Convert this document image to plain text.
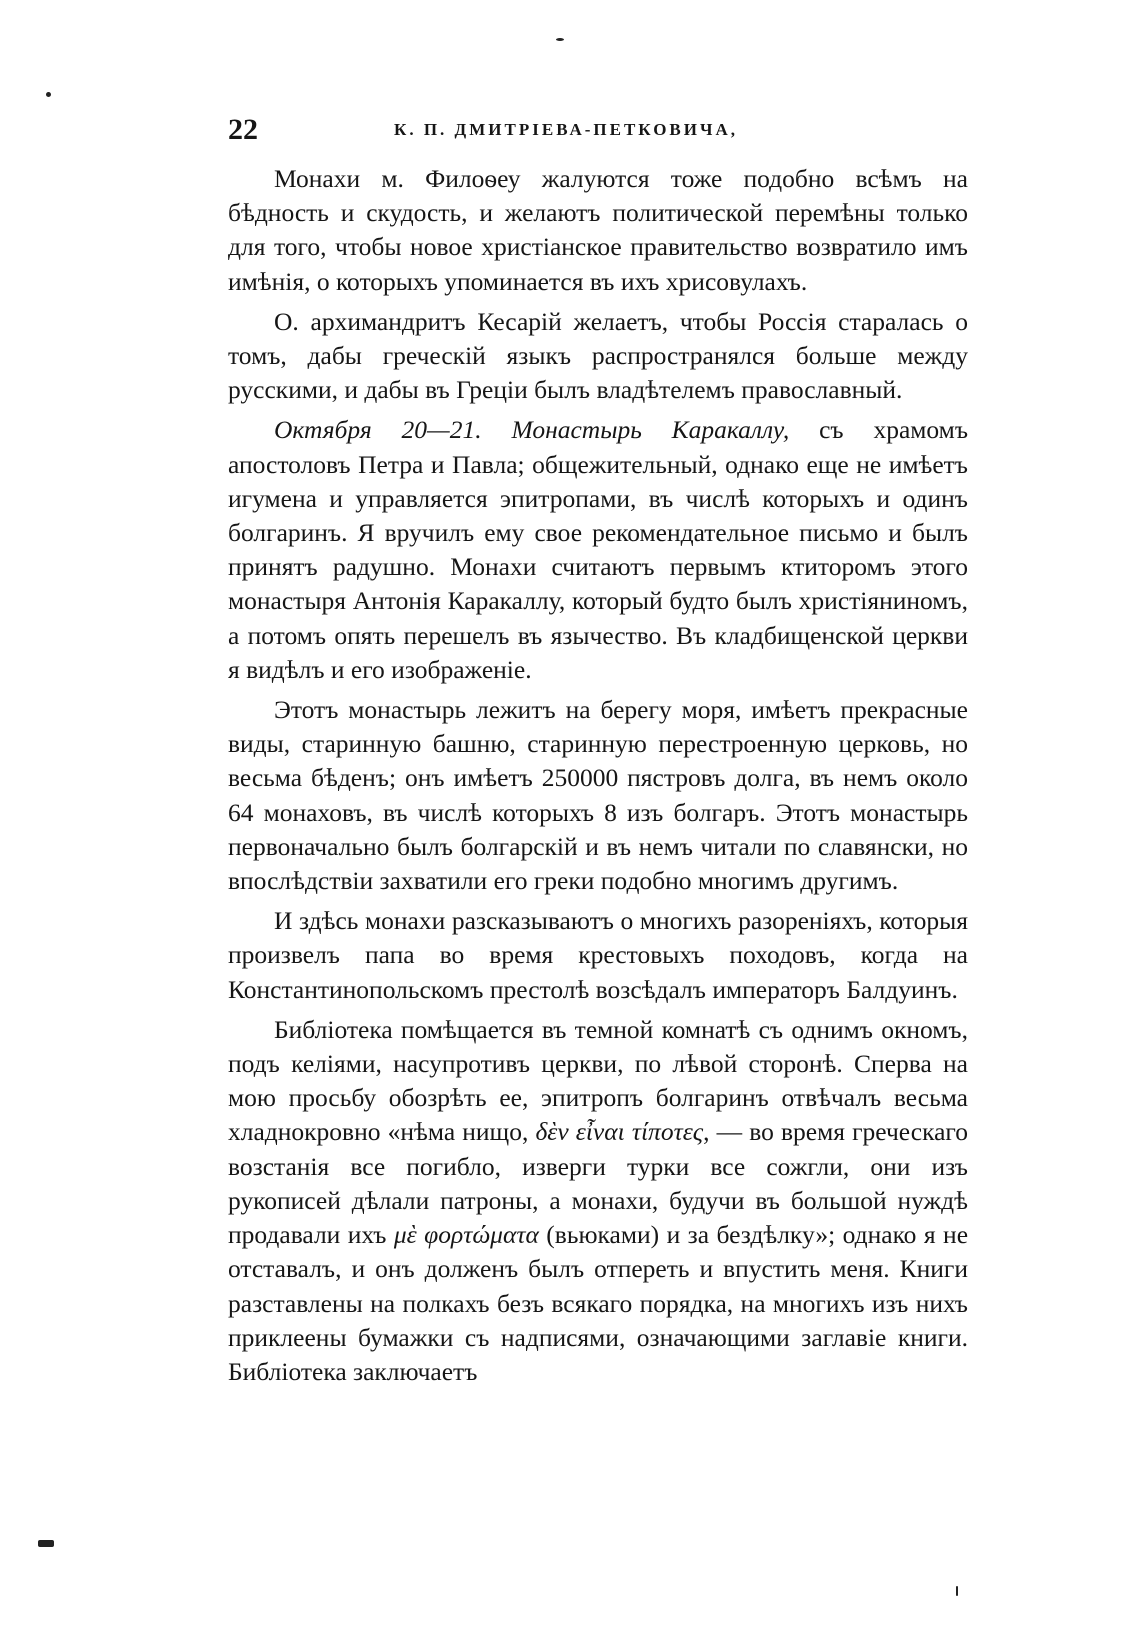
22	К. П. ДМИТРІЕВА-ПЕТКОВИЧА,

Монахи м. Филоѳеу жалуются тоже подобно всѣмъ на бѣдность и скудость, и желаютъ политической перемѣны только для того, чтобы новое христіанское правительство возвратило имъ имѣнія, о которыхъ упоминается въ ихъ хрисовулахъ.

О. архимандритъ Кесарій желаетъ, чтобы Россія старалась о томъ, дабы греческій языкъ распространялся больше между русскими, и дабы въ Греціи былъ владѣтелемъ православный.

Октября 20—21. Монастырь Каракаллу, съ храмомъ апостоловъ Петра и Павла; общежительный, однако еще не имѣетъ игумена и управляется эпитропами, въ числѣ которыхъ и одинъ болгаринъ. Я вручилъ ему свое рекомендательное письмо и былъ принятъ радушно. Монахи считаютъ первымъ ктиторомъ этого монастыря Антонія Каракаллу, который будто былъ христіяниномъ, а потомъ опять перешелъ въ язычество. Въ кладбищенской церкви я видѣлъ и его изображеніе.

Этотъ монастырь лежитъ на берегу моря, имѣетъ прекрасные виды, старинную башню, старинную перестроенную церковь, но весьма бѣденъ; онъ имѣетъ 250000 пястровъ долга, въ немъ около 64 монаховъ, въ числѣ которыхъ 8 изъ болгаръ. Этотъ монастырь первоначально былъ болгарскій и въ немъ читали по славянски, но впослѣдствіи захватили его греки подобно многимъ другимъ.

И здѣсь монахи разсказываютъ о многихъ разореніяхъ, которыя произвелъ папа во время крестовыхъ походовъ, когда на Константинопольскомъ престолѣ возсѣдалъ императоръ Балдуинъ.

Библіотека помѣщается въ темной комнатѣ съ однимъ окномъ, подъ келіями, насупротивъ церкви, по лѣвой сторонѣ. Сперва на мою просьбу обозрѣть ее, эпитропъ болгаринъ отвѣчалъ весьма хладнокровно «нѣма нищо, δὲν εἶναι τίποτες, — во время греческаго возстанія все погибло, изверги турки все сожгли, они изъ рукописей дѣлали патроны, а монахи, будучи въ большой нуждѣ продавали ихъ μὲ φορτώματα (вьюками) и за бездѣлку»; однако я не отставалъ, и онъ долженъ былъ отпереть и впустить меня. Книги разставлены на полкахъ безъ всякаго порядка, на многихъ изъ нихъ приклеены бумажки съ надписями, означающими заглавіе книги. Библіотека заключаетъ
